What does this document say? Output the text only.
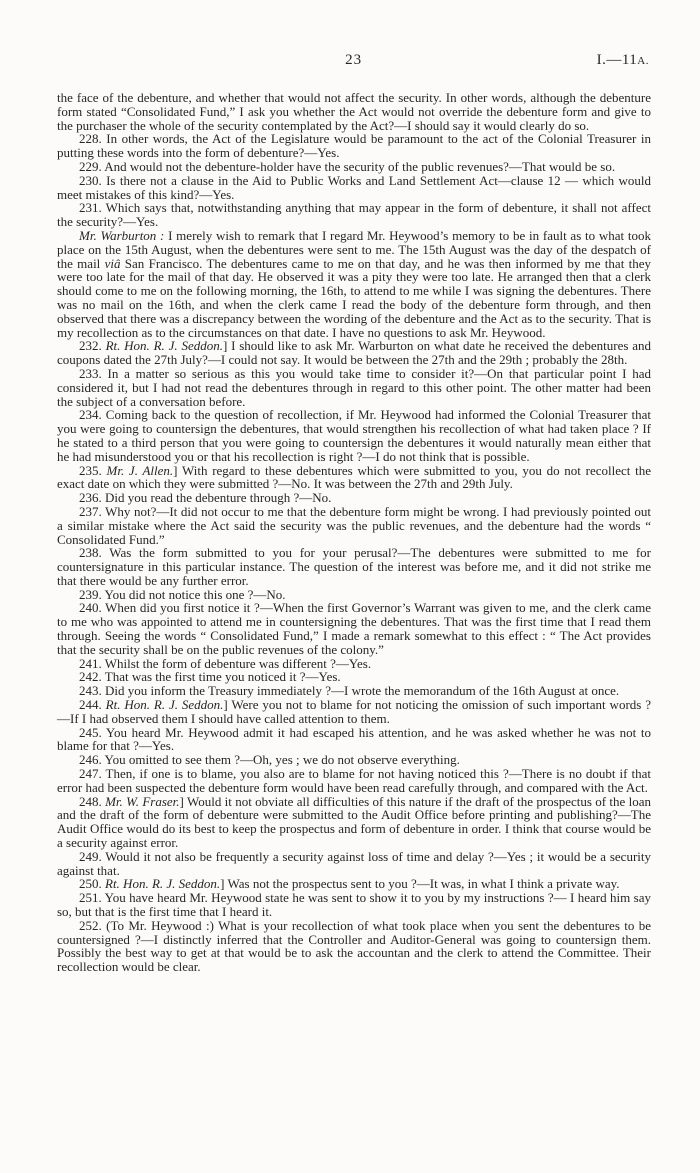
23	I.—11A.

the face of the debenture, and whether that would not affect the security. In other words, although the debenture form stated “Consolidated Fund,” I ask you whether the Act would not override the debenture form and give to the purchaser the whole of the security contemplated by the Act?—I should say it would clearly do so.

228. In other words, the Act of the Legislature would be paramount to the act of the Colonial Treasurer in putting these words into the form of debenture?—Yes.

229. And would not the debenture-holder have the security of the public revenues?—That would be so.

230. Is there not a clause in the Aid to Public Works and Land Settlement Act—clause 12 — which would meet mistakes of this kind?—Yes.

231. Which says that, notwithstanding anything that may appear in the form of debenture, it shall not affect the security?—Yes.

Mr. Warburton : I merely wish to remark that I regard Mr. Heywood’s memory to be in fault as to what took place on the 15th August, when the debentures were sent to me. The 15th August was the day of the despatch of the mail viâ San Francisco. The debentures came to me on that day, and he was then informed by me that they were too late for the mail of that day. He observed it was a pity they were too late. He arranged then that a clerk should come to me on the following morning, the 16th, to attend to me while I was signing the debentures. There was no mail on the 16th, and when the clerk came I read the body of the debenture form through, and then observed that there was a discrepancy between the wording of the debenture and the Act as to the security. That is my recollection as to the circumstances on that date. I have no questions to ask Mr. Heywood.

232. Rt. Hon. R. J. Seddon.] I should like to ask Mr. Warburton on what date he received the debentures and coupons dated the 27th July?—I could not say. It would be between the 27th and the 29th ; probably the 28th.

233. In a matter so serious as this you would take time to consider it?—On that particular point I had considered it, but I had not read the debentures through in regard to this other point. The other matter had been the subject of a conversation before.

234. Coming back to the question of recollection, if Mr. Heywood had informed the Colonial Treasurer that you were going to countersign the debentures, that would strengthen his recollection of what had taken place ? If he stated to a third person that you were going to countersign the debentures it would naturally mean either that he had misunderstood you or that his recollection is right ?—I do not think that is possible.

235. Mr. J. Allen.] With regard to these debentures which were submitted to you, you do not recollect the exact date on which they were submitted ?—No. It was between the 27th and 29th July.

236. Did you read the debenture through ?—No.

237. Why not?—It did not occur to me that the debenture form might be wrong. I had previously pointed out a similar mistake where the Act said the security was the public revenues, and the debenture had the words “ Consolidated Fund.”

238. Was the form submitted to you for your perusal?—The debentures were submitted to me for countersignature in this particular instance. The question of the interest was before me, and it did not strike me that there would be any further error.

239. You did not notice this one ?—No.

240. When did you first notice it ?—When the first Governor’s Warrant was given to me, and the clerk came to me who was appointed to attend me in countersigning the debentures. That was the first time that I read them through. Seeing the words “ Consolidated Fund,” I made a remark somewhat to this effect : “ The Act provides that the security shall be on the public revenues of the colony.”

241. Whilst the form of debenture was different ?—Yes.

242. That was the first time you noticed it ?—Yes.

243. Did you inform the Treasury immediately ?—I wrote the memorandum of the 16th August at once.

244. Rt. Hon. R. J. Seddon.] Were you not to blame for not noticing the omission of such important words ?—If I had observed them I should have called attention to them.

245. You heard Mr. Heywood admit it had escaped his attention, and he was asked whether he was not to blame for that ?—Yes.

246. You omitted to see them ?—Oh, yes ; we do not observe everything.

247. Then, if one is to blame, you also are to blame for not having noticed this ?—There is no doubt if that error had been suspected the debenture form would have been read carefully through, and compared with the Act.

248. Mr. W. Fraser.] Would it not obviate all difficulties of this nature if the draft of the prospectus of the loan and the draft of the form of debenture were submitted to the Audit Office before printing and publishing?—The Audit Office would do its best to keep the prospectus and form of debenture in order. I think that course would be a security against error.

249. Would it not also be frequently a security against loss of time and delay ?—Yes ; it would be a security against that.

250. Rt. Hon. R. J. Seddon.] Was not the prospectus sent to you ?—It was, in what I think a private way.

251. You have heard Mr. Heywood state he was sent to show it to you by my instructions ?— I heard him say so, but that is the first time that I heard it.

252. (To Mr. Heywood :) What is your recollection of what took place when you sent the debentures to be countersigned ?—I distinctly inferred that the Controller and Auditor-General was going to countersign them. Possibly the best way to get at that would be to ask the accountan and the clerk to attend the Committee. Their recollection would be clear.
